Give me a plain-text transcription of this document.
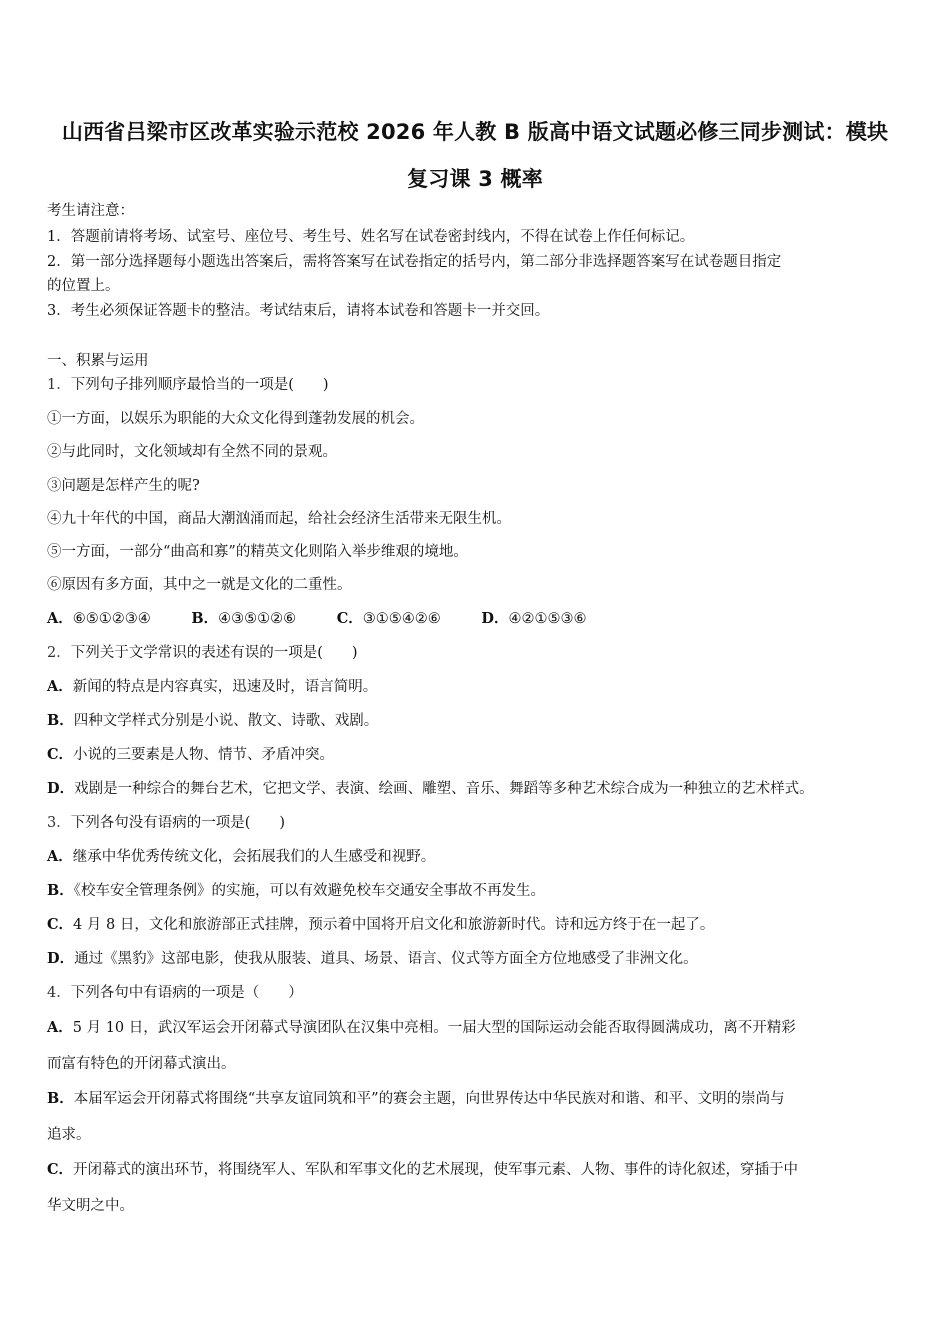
山西省吕梁市区改革实验示范校 2026 年人教 B 版高中语文试题必修三同步测试：模块
复习课 3 概率
考生请注意：
1．答题前请将考场、试室号、座位号、考生号、姓名写在试卷密封线内，不得在试卷上作任何标记。
2．第一部分选择题每小题选出答案后，需将答案写在试卷指定的括号内，第二部分非选择题答案写在试卷题目指定
的位置上。
3．考生必须保证答题卡的整洁。考试结束后，请将本试卷和答题卡一并交回。
一、积累与运用
1．下列句子排列顺序最恰当的一项是(　　)
①一方面，以娱乐为职能的大众文化得到蓬勃发展的机会。
②与此同时，文化领域却有全然不同的景观。
③问题是怎样产生的呢?
④九十年代的中国，商品大潮汹涌而起，给社会经济生活带来无限生机。
⑤一方面，一部分“曲高和寡”的精英文化则陷入举步维艰的境地。
⑥原因有多方面，其中之一就是文化的二重性。
A．⑥⑤①②③④	B．④③⑤①②⑥	C．③①⑤④②⑥	D．④②①⑤③⑥
2．下列关于文学常识的表述有误的一项是(　　)
A．新闻的特点是内容真实，迅速及时，语言简明。
B．四种文学样式分别是小说、散文、诗歌、戏剧。
C．小说的三要素是人物、情节、矛盾冲突。
D．戏剧是一种综合的舞台艺术，它把文学、表演、绘画、雕塑、音乐、舞蹈等多种艺术综合成为一种独立的艺术样式。
3．下列各句没有语病的一项是(　　)
A．继承中华优秀传统文化，会拓展我们的人生感受和视野。
B．《校车安全管理条例》的实施，可以有效避免校车交通安全事故不再发生。
C．4 月 8 日，文化和旅游部正式挂牌，预示着中国将开启文化和旅游新时代。诗和远方终于在一起了。
D．通过《黑豹》这部电影，使我从服装、道具、场景、语言、仪式等方面全方位地感受了非洲文化。
4．下列各句中有语病的一项是（　　）
A．5 月 10 日，武汉军运会开闭幕式导演团队在汉集中亮相。一届大型的国际运动会能否取得圆满成功，离不开精彩
而富有特色的开闭幕式演出。
B．本届军运会开闭幕式将围绕“共享友谊同筑和平”的赛会主题，向世界传达中华民族对和谐、和平、文明的崇尚与
追求。
C．开闭幕式的演出环节，将围绕军人、军队和军事文化的艺术展现，使军事元素、人物、事件的诗化叙述，穿插于中
华文明之中。
